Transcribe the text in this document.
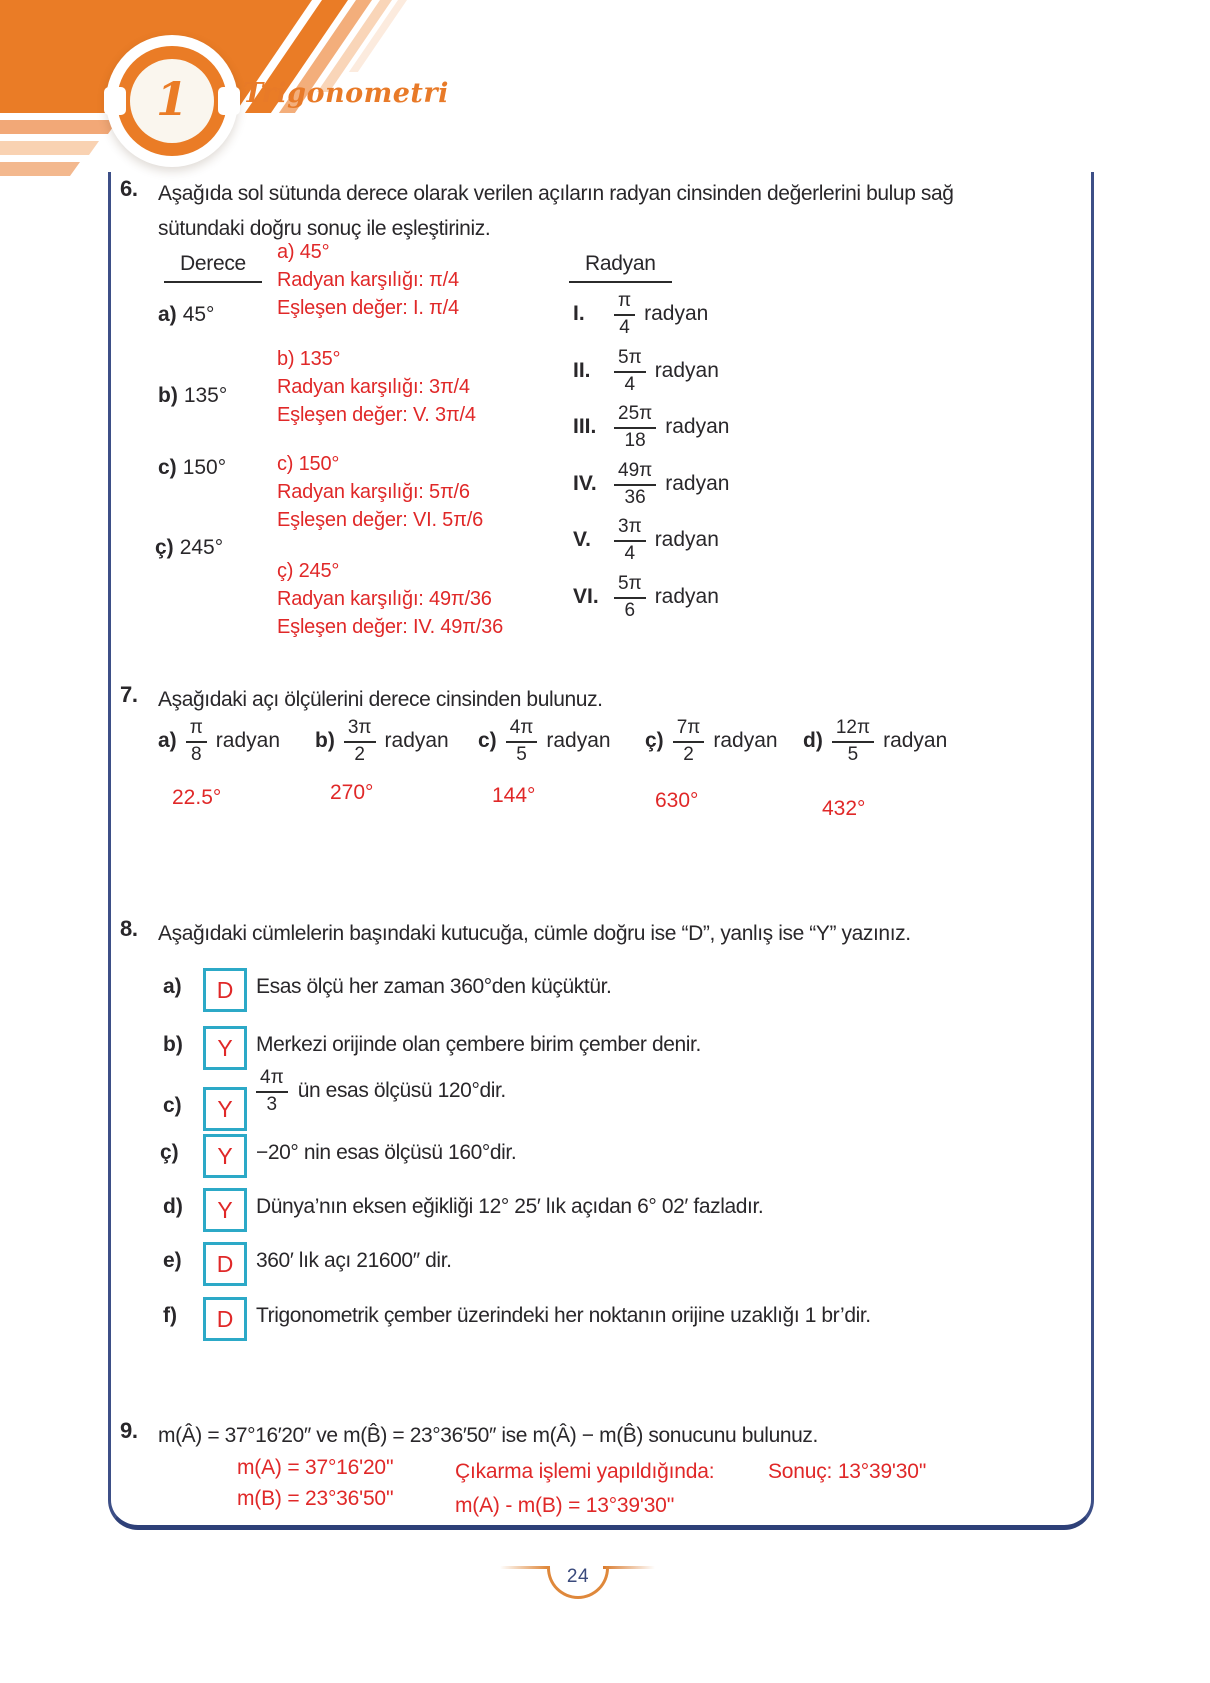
1 Trigonometri
6. Aşağıda sol sütunda derece olarak verilen açıların radyan cinsinden değerlerini bulup sağ sütundaki doğru sonuç ile eşleştiriniz.
Derece	Radyan
a) 45°
b) 135°
c) 150°
ç) 245°
a) 45°
Radyan karşılığı: π/4
Eşleşen değer: I. π/4
b) 135°
Radyan karşılığı: 3π/4
Eşleşen değer: V. 3π/4
c) 150°
Radyan karşılığı: 5π/6
Eşleşen değer: VI. 5π/6
ç) 245°
Radyan karşılığı: 49π/36
Eşleşen değer: IV. 49π/36
I.	$\frac{\pi}{4}$ radyan
II.	$\frac{5\pi}{4}$ radyan
III. $\frac{25\pi}{18}$ radyan
IV. $\frac{49\pi}{36}$ radyan
V.	$\frac{3\pi}{4}$ radyan
VI. $\frac{5\pi}{6}$ radyan
7. Aşağıdaki açı ölçülerini derece cinsinden bulunuz.
$a) \frac{\pi}{8}$ radyan $b) \frac{3\pi}{2}$ radyan $c) \frac{4\pi}{5}$ radyan ç) $\frac{7\pi}{2}$ radyan $d) \frac{12\pi}{5}$ radyan
22.5°	270°	144°	630°	432°
8. Aşağıdaki cümlelerin başındaki kutucuğa, cümle doğru ise “D”, yanlış ise “Y” yazınız.
a) D Esas ölçü her zaman 360°den küçüktür.
b) Y Merkezi orijinde olan çembere birim çember denir.
c) Y $\frac{4\pi}{3}$ ün esas ölçüsü 120°dir.
ç) Y −20° nin esas ölçüsü 160°dir.
d) Y Dünya’nın eksen eğikliği 12° 25′ lık açıdan 6° 02′ fazladır.
e) D 360′ lık açı 21600″ dir.
f) D Trigonometrik çember üzerindeki her noktanın orijine uzaklığı 1 br’dir.
9. m(Â) = 37°16′20″ ve m(B̂) = 23°36′50″ ise m(Â) − m(B̂) sonucunu bulunuz.
m(A) = 37°16'20''
m(B) = 23°36'50''
Çıkarma işlemi yapıldığında:
m(A) - m(B) = 13°39'30''
Sonuç: 13°39'30''
24
